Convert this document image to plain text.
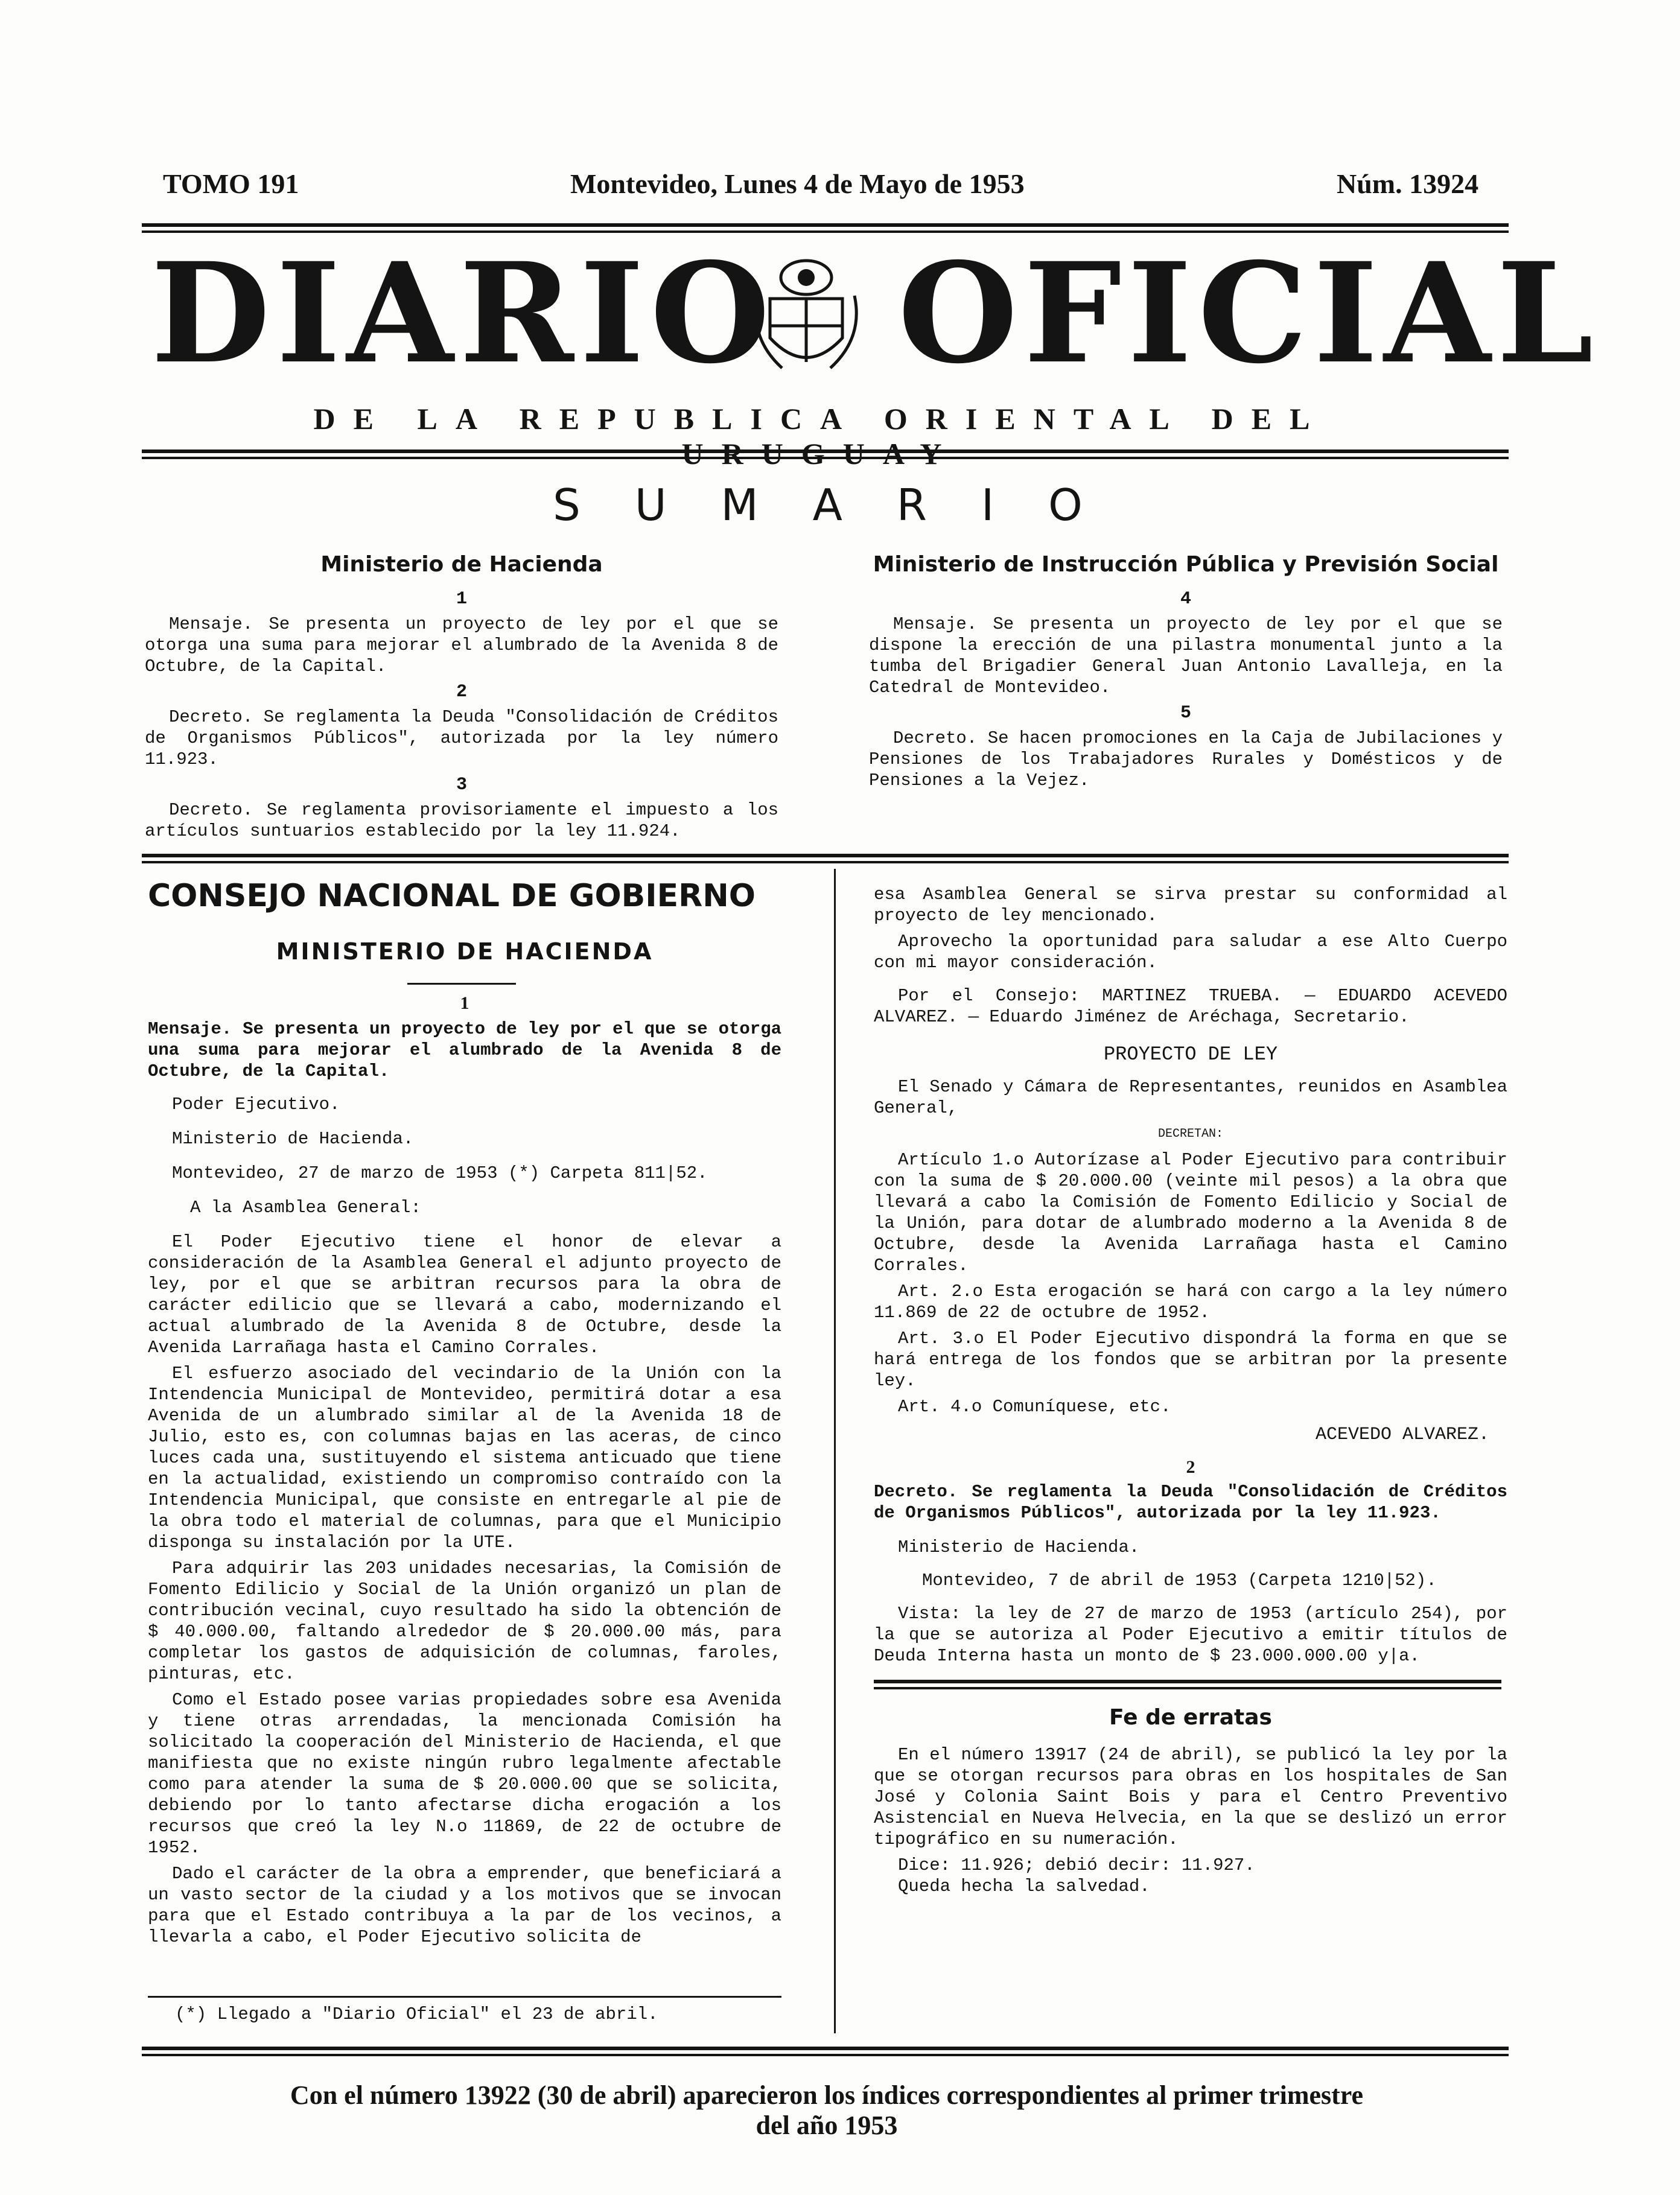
TOMO 191	Montevideo, Lunes 4 de Mayo de 1953	Núm. 13924
DIARIO OFICIAL
DE LA REPUBLICA ORIENTAL DEL URUGUAY
SUMARIO
Ministerio de Hacienda
1

Mensaje. Se presenta un proyecto de ley por el que se otorga una suma para mejorar el alumbrado de la Avenida 8 de Octubre, de la Capital.

2

Decreto. Se reglamenta la Deuda "Consolidación de Créditos de Organismos Públicos", autorizada por la ley número 11.923.

3

Decreto. Se reglamenta provisoriamente el impuesto a los artículos suntuarios establecido por la ley 11.924.

Ministerio de Instrucción Pública y Previsión Social
4

Mensaje. Se presenta un proyecto de ley por el que se dispone la erección de una pilastra monumental junto a la tumba del Brigadier General Juan Antonio Lavalleja, en la Catedral de Montevideo.

5

Decreto. Se hacen promociones en la Caja de Jubilaciones y Pensiones de los Trabajadores Rurales y Domésticos y de Pensiones a la Vejez.

CONSEJO NACIONAL DE GOBIERNO
MINISTERIO DE HACIENDA
1
Mensaje. Se presenta un proyecto de ley por el que se otorga una suma para mejorar el alumbrado de la Avenida 8 de Octubre, de la Capital.

Poder Ejecutivo.

Ministerio de Hacienda.

Montevideo, 27 de marzo de 1953 (*) Carpeta 811|52.

A la Asamblea General:

El Poder Ejecutivo tiene el honor de elevar a consideración de la Asamblea General el adjunto proyecto de ley, por el que se arbitran recursos para la obra de carácter edilicio que se llevará a cabo, modernizando el actual alumbrado de la Avenida 8 de Octubre, desde la Avenida Larrañaga hasta el Camino Corrales.

El esfuerzo asociado del vecindario de la Unión con la Intendencia Municipal de Montevideo, permitirá dotar a esa Avenida de un alumbrado similar al de la Avenida 18 de Julio, esto es, con columnas bajas en las aceras, de cinco luces cada una, sustituyendo el sistema anticuado que tiene en la actualidad, existiendo un compromiso contraído con la Intendencia Municipal, que consiste en entregarle al pie de la obra todo el material de columnas, para que el Municipio disponga su instalación por la UTE.

Para adquirir las 203 unidades necesarias, la Comisión de Fomento Edilicio y Social de la Unión organizó un plan de contribución vecinal, cuyo resultado ha sido la obtención de $ 40.000.00, faltando alrededor de $ 20.000.00 más, para completar los gastos de adquisición de columnas, faroles, pinturas, etc.

Como el Estado posee varias propiedades sobre esa Avenida y tiene otras arrendadas, la mencionada Comisión ha solicitado la cooperación del Ministerio de Hacienda, el que manifiesta que no existe ningún rubro legalmente afectable como para atender la suma de $ 20.000.00 que se solicita, debiendo por lo tanto afectarse dicha erogación a los recursos que creó la ley N.o 11869, de 22 de octubre de 1952.

Dado el carácter de la obra a emprender, que beneficiará a un vasto sector de la ciudad y a los motivos que se invocan para que el Estado contribuya a la par de los vecinos, a llevarla a cabo, el Poder Ejecutivo solicita de

(*) Llegado a "Diario Oficial" el 23 de abril.

esa Asamblea General se sirva prestar su conformidad al proyecto de ley mencionado.

Aprovecho la oportunidad para saludar a ese Alto Cuerpo con mi mayor consideración.

Por el Consejo: MARTINEZ TRUEBA. — EDUARDO ACEVEDO ALVAREZ. — Eduardo Jiménez de Aréchaga, Secretario.

PROYECTO DE LEY

El Senado y Cámara de Representantes, reunidos en Asamblea General,

DECRETAN:

Artículo 1.o Autorízase al Poder Ejecutivo para contribuir con la suma de $ 20.000.00 (veinte mil pesos) a la obra que llevará a cabo la Comisión de Fomento Edilicio y Social de la Unión, para dotar de alumbrado moderno a la Avenida 8 de Octubre, desde la Avenida Larrañaga hasta el Camino Corrales.

Art. 2.o Esta erogación se hará con cargo a la ley número 11.869 de 22 de octubre de 1952.

Art. 3.o El Poder Ejecutivo dispondrá la forma en que se hará entrega de los fondos que se arbitran por la presente ley.

Art. 4.o Comuníquese, etc.

ACEVEDO ALVAREZ.
2
Decreto. Se reglamenta la Deuda "Consolidación de Créditos de Organismos Públicos", autorizada por la ley 11.923.

Ministerio de Hacienda.

Montevideo, 7 de abril de 1953 (Carpeta 1210|52).

Vista: la ley de 27 de marzo de 1953 (artículo 254), por la que se autoriza al Poder Ejecutivo a emitir títulos de Deuda Interna hasta un monto de $ 23.000.000.00 y|a.

Fe de erratas

En el número 13917 (24 de abril), se publicó la ley por la que se otorgan recursos para obras en los hospitales de San José y Colonia Saint Bois y para el Centro Preventivo Asistencial en Nueva Helvecia, en la que se deslizó un error tipográfico en su numeración.

Dice: 11.926; debió decir: 11.927.

Queda hecha la salvedad.

Con el número 13922 (30 de abril) aparecieron los índices correspondientes al primer trimestre
del año 1953
